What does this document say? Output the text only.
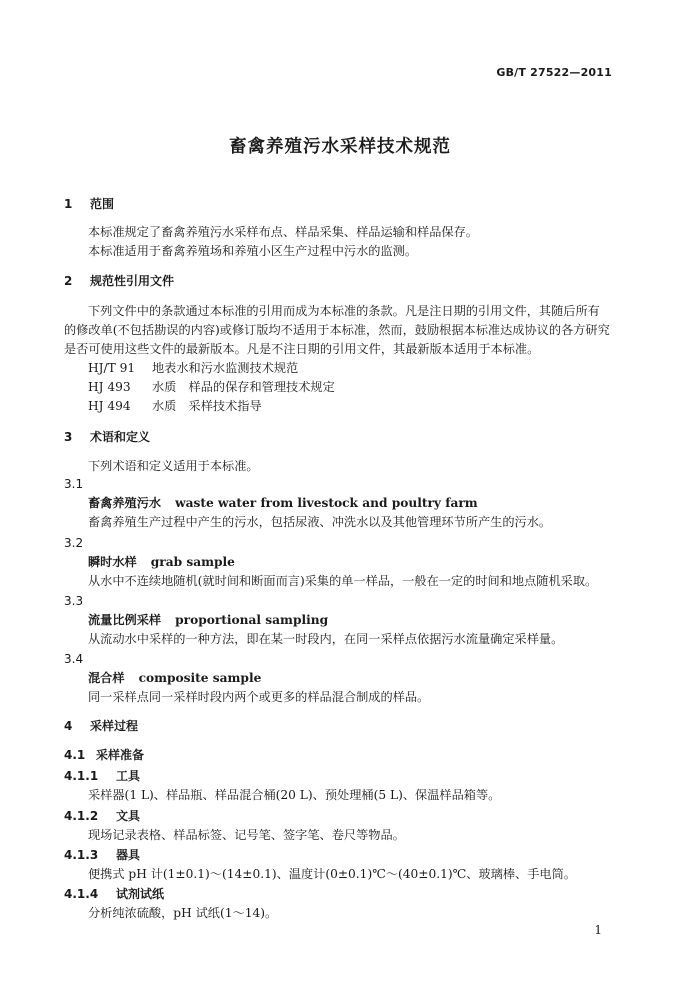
GB/T 27522—2011
畜禽养殖污水采样技术规范
1 范围
本标准规定了畜禽养殖污水采样布点、样品采集、样品运输和样品保存。
本标准适用于畜禽养殖场和养殖小区生产过程中污水的监测。
2 规范性引用文件
下列文件中的条款通过本标准的引用而成为本标准的条款。凡是注日期的引用文件，其随后所有
的修改单(不包括勘误的内容)或修订版均不适用于本标准，然而，鼓励根据本标准达成协议的各方研究
是否可使用这些文件的最新版本。凡是不注日期的引用文件，其最新版本适用于本标准。
HJ/T 91 地表水和污水监测技术规范
HJ 493 水质　样品的保存和管理技术规定
HJ 494 水质　采样技术指导
3 术语和定义
下列术语和定义适用于本标准。
3.1
畜禽养殖污水 waste water from livestock and poultry farm
畜禽养殖生产过程中产生的污水，包括尿液、冲洗水以及其他管理环节所产生的污水。
3.2
瞬时水样 grab sample
从水中不连续地随机(就时间和断面而言)采集的单一样品，一般在一定的时间和地点随机采取。
3.3
流量比例采样 proportional sampling
从流动水中采样的一种方法，即在某一时段内，在同一采样点依据污水流量确定采样量。
3.4
混合样 composite sample
同一采样点同一采样时段内两个或更多的样品混合制成的样品。
4 采样过程
4.1 采样准备
4.1.1 工具
采样器(1 L)、样品瓶、样品混合桶(20 L)、预处理桶(5 L)、保温样品箱等。
4.1.2 文具
现场记录表格、样品标签、记号笔、签字笔、卷尺等物品。
4.1.3 器具
便携式 pH 计(1±0.1)～(14±0.1)、温度计(0±0.1)℃～(40±0.1)℃、玻璃棒、手电筒。
4.1.4 试剂试纸
分析纯浓硫酸，pH 试纸(1～14)。
1
